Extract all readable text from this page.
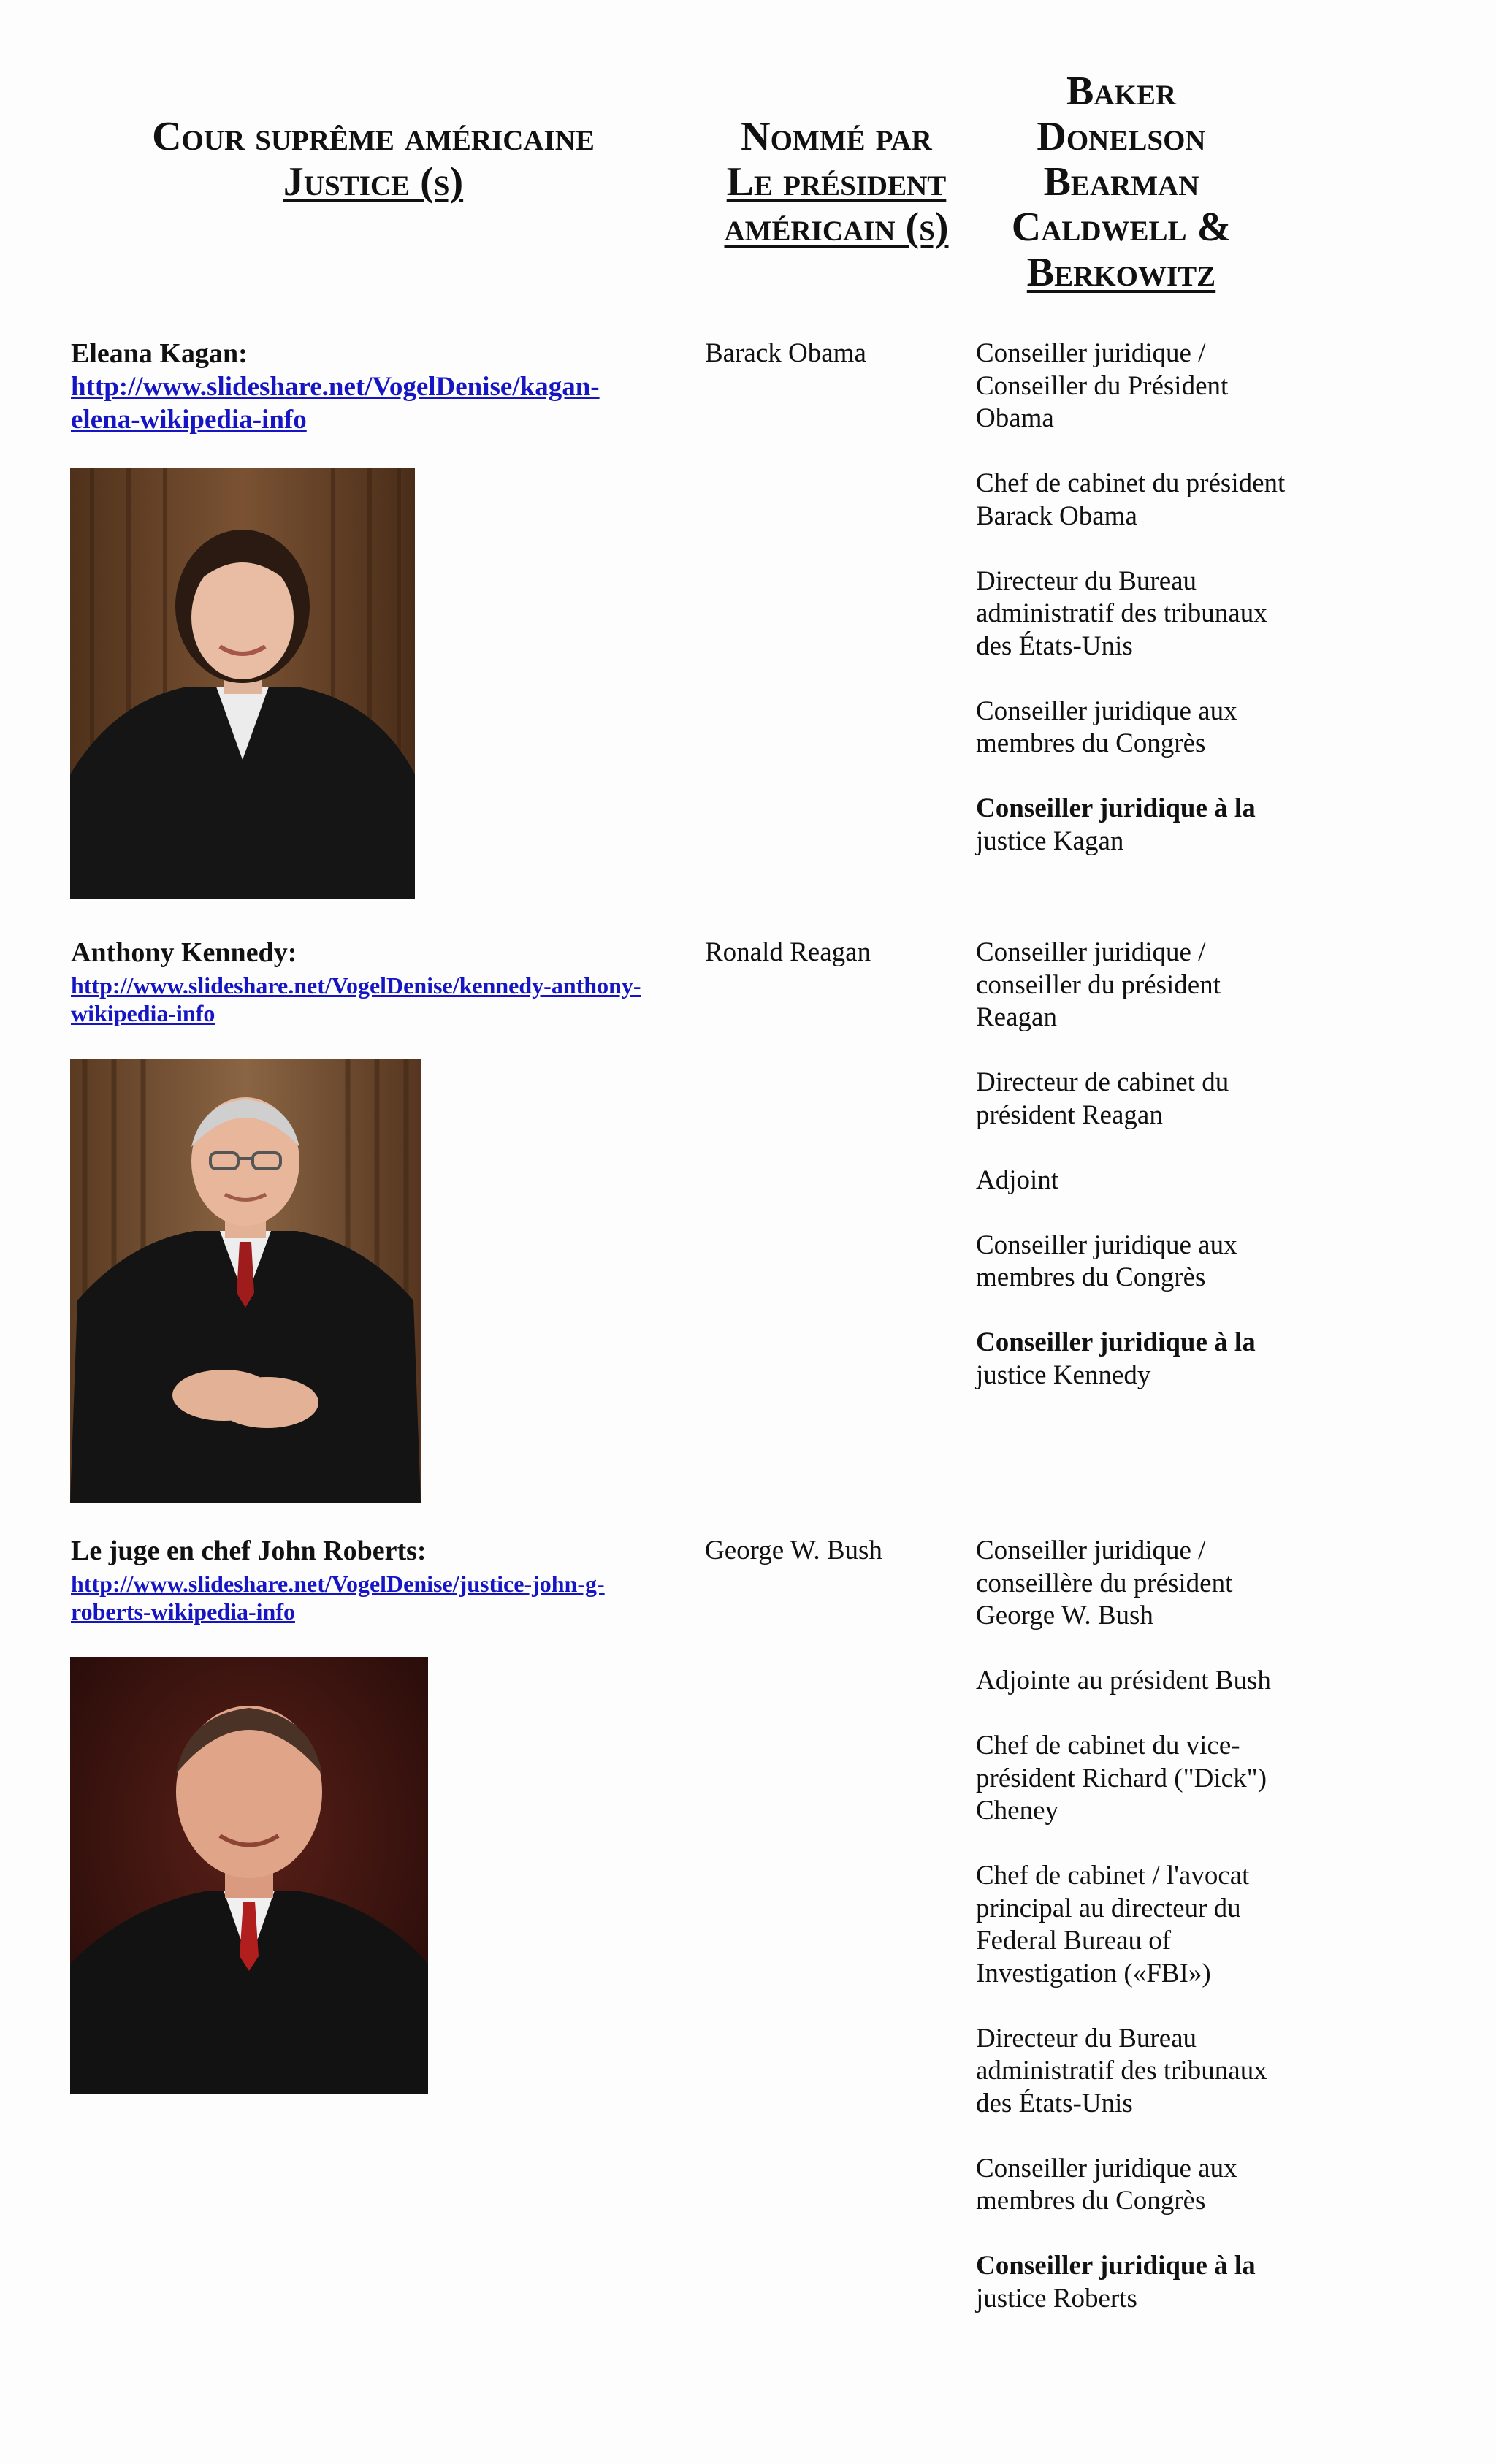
Cour suprême américaine
Justice (s)
Nommé par
Le président
américain (s)
Baker
Donelson
Bearman
Caldwell &
Berkowitz
Eleana Kagan:
http://www.slideshare.net/VogelDenise/kagan-
elena-wikipedia-info
Barack Obama	Conseiller juridique / Conseiller du Président Obama

Chef de cabinet du président Barack Obama

Directeur du Bureau administratif des tribunaux des États-Unis

Conseiller juridique aux membres du Congrès

Conseiller juridique à la justice Kagan

Anthony Kennedy:
http://www.slideshare.net/VogelDenise/kennedy-anthony-
wikipedia-info
Ronald Reagan	Conseiller juridique / conseiller du président Reagan

Directeur de cabinet du président Reagan

Adjoint

Conseiller juridique aux membres du Congrès

Conseiller juridique à la justice Kennedy

Le juge en chef John Roberts:
http://www.slideshare.net/VogelDenise/justice-john-g-
roberts-wikipedia-info
George W. Bush	Conseiller juridique / conseillère du président George W. Bush

Adjointe au président Bush

Chef de cabinet du vice-président Richard ("Dick") Cheney

Chef de cabinet / l'avocat principal au directeur du Federal Bureau of Investigation («FBI»)

Directeur du Bureau administratif des tribunaux des États-Unis

Conseiller juridique aux membres du Congrès

Conseiller juridique à la justice Roberts
